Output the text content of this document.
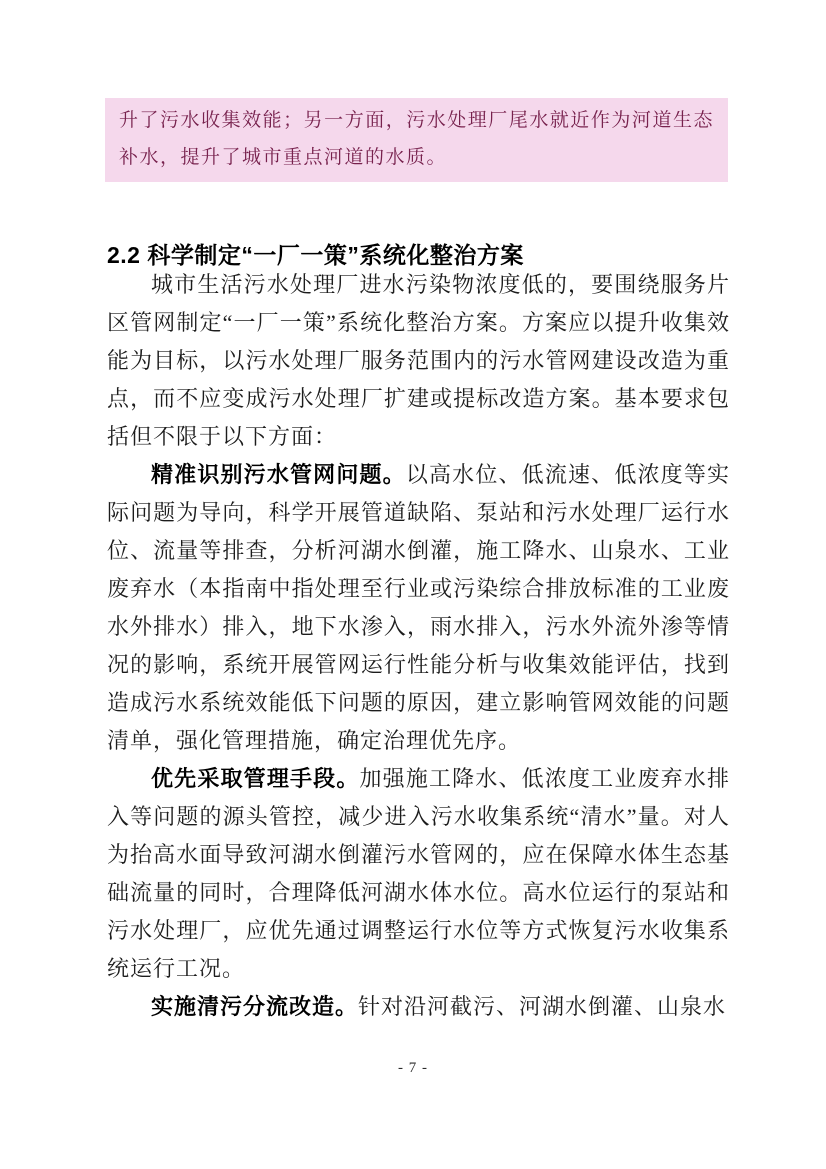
升了污水收集效能；另一方面，污水处理厂尾水就近作为河道生态补水，提升了城市重点河道的水质。
2.2 科学制定“一厂一策”系统化整治方案

城市生活污水处理厂进水污染物浓度低的，要围绕服务片区管网制定“一厂一策”系统化整治方案。方案应以提升收集效能为目标，以污水处理厂服务范围内的污水管网建设改造为重点，而不应变成污水处理厂扩建或提标改造方案。基本要求包括但不限于以下方面：

精准识别污水管网问题。以高水位、低流速、低浓度等实际问题为导向，科学开展管道缺陷、泵站和污水处理厂运行水位、流量等排查，分析河湖水倒灌，施工降水、山泉水、工业废弃水（本指南中指处理至行业或污染综合排放标准的工业废水外排水）排入，地下水渗入，雨水排入，污水外流外渗等情况的影响，系统开展管网运行性能分析与收集效能评估，找到造成污水系统效能低下问题的原因，建立影响管网效能的问题清单，强化管理措施，确定治理优先序。

优先采取管理手段。加强施工降水、低浓度工业废弃水排入等问题的源头管控，减少进入污水收集系统“清水”量。对人为抬高水面导致河湖水倒灌污水管网的，应在保障水体生态基础流量的同时，合理降低河湖水体水位。高水位运行的泵站和污水处理厂，应优先通过调整运行水位等方式恢复污水收集系统运行工况。

实施清污分流改造。针对沿河截污、河湖水倒灌、山泉水

- 7 -
